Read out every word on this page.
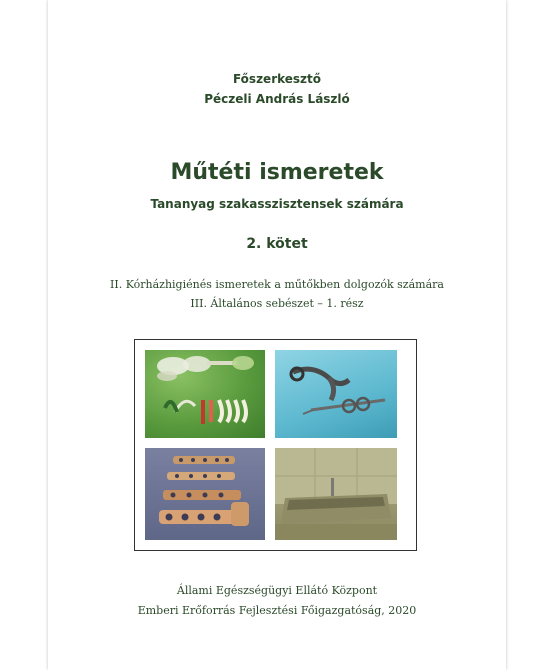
Főszerkesztő
Péczeli András László
Műtéti ismeretek
Tananyag szakasszisztensek számára
2. kötet
II. Kórházhigiénés ismeretek a műtőkben dolgozók számára
III. Általános sebészet – 1. rész
Állami Egészségügyi Ellátó Központ
Emberi Erőforrás Fejlesztési Főigazgatóság, 2020
